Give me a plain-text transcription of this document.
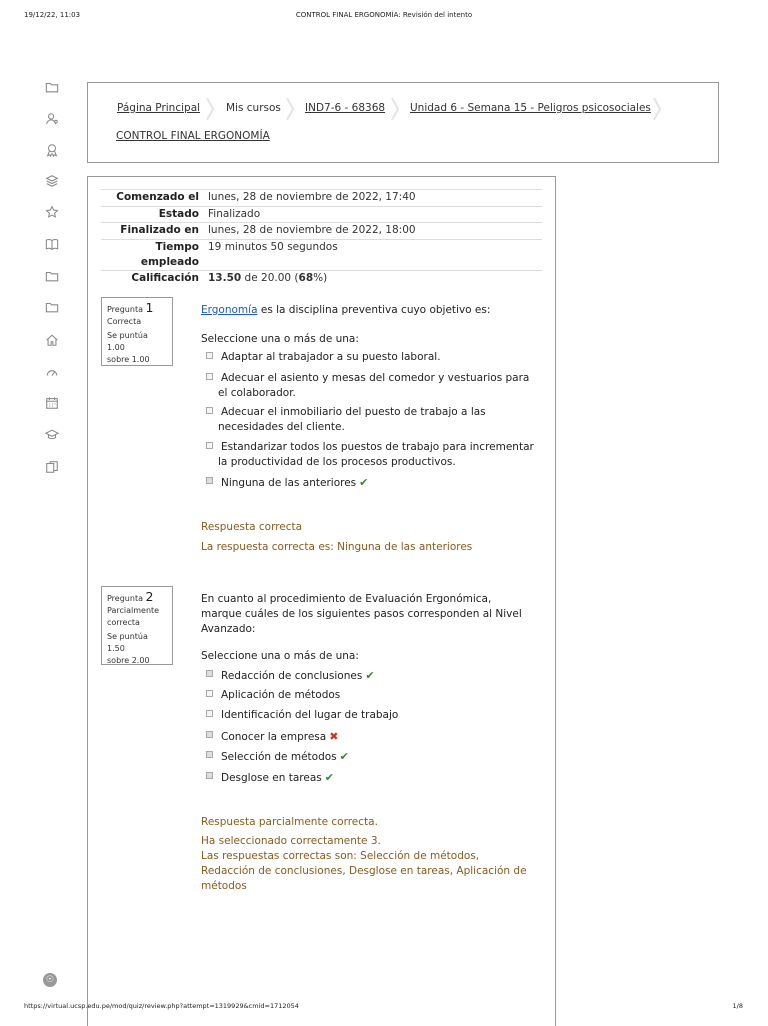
19/12/22, 11:03	CONTROL FINAL ERGONOMÍA: Revisión del intento
Página Principal Mis cursos IND7-6 - 68368 Unidad 6 - Semana 15 - Peligros psicosociales
CONTROL FINAL ERGONOMÍA
Comenzado el lunes, 28 de noviembre de 2022, 17:40
Estado Finalizado
Finalizado en lunes, 28 de noviembre de 2022, 18:00
Tiempo
empleado
19 minutos 50 segundos
Calificación 13.50 de 20.00 (68%)
Pregunta 1
Correcta
Se puntúa 1.00
sobre 1.00
Ergonomía es la disciplina preventiva cuyo objetivo es:
Seleccione una o más de una:
Adaptar al trabajador a su puesto laboral.
Adecuar el asiento y mesas del comedor y vestuarios para el colaborador.
Adecuar el inmobiliario del puesto de trabajo a las necesidades del cliente.
Estandarizar todos los puestos de trabajo para incrementar la productividad de los procesos productivos.
Ninguna de las anteriores ✔
Respuesta correcta
La respuesta correcta es: Ninguna de las anteriores
Pregunta 2
Parcialmente
correcta
Se puntúa 1.50
sobre 2.00
En cuanto al procedimiento de Evaluación Ergonómica, marque cuáles de los siguientes pasos corresponden al Nivel Avanzado:
Seleccione una o más de una:
Redacción de conclusiones ✔
Aplicación de métodos
Identificación del lugar de trabajo
Conocer la empresa ✖
Selección de métodos ✔
Desglose en tareas ✔
Respuesta parcialmente correcta.
Ha seleccionado correctamente 3.
Las respuestas correctas son: Selección de métodos, Redacción de conclusiones, Desglose en tareas, Aplicación de métodos
☉
https://virtual.ucsp.edu.pe/mod/quiz/review.php?attempt=1319929&cmid=1712054	1/8
